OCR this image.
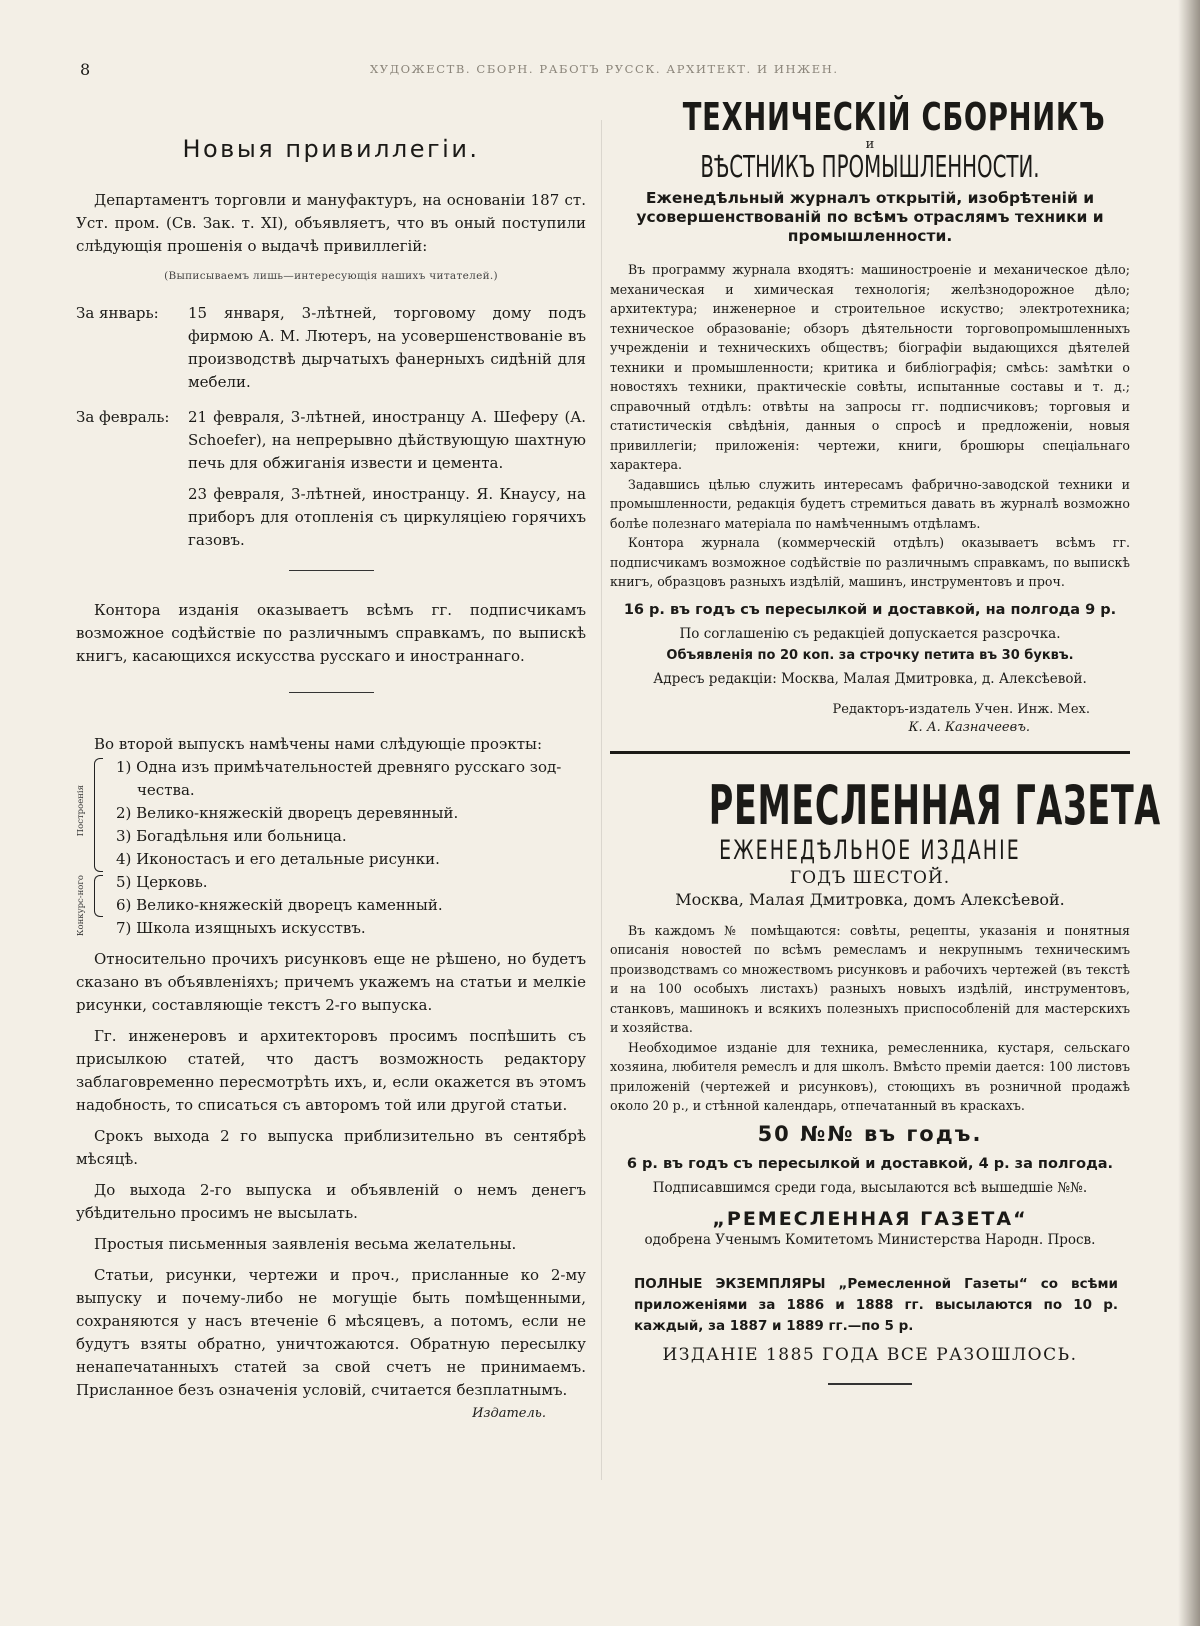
8	ХУДОЖЕСТВ. СБОРН. РАБОТЪ РУССК. АРХИТЕКТ. И ИНЖЕН.
Новыя привиллегіи.

Департаментъ торговли и мануфактуръ, на основаніи 187 ст. Уст. пром. (Св. Зак. т. XI), объявляетъ, что въ оный поступили слѣдующія прошенія о выдачѣ привиллегій:

(Выписываемъ лишь—интересующія нашихъ читателей.)
За январь:	15 января, 3-лѣтней, торговому дому подъ фирмою А. М. Лютеръ, на усовершенствованіе въ производствѣ дырчатыхъ фанерныхъ сидѣній для мебели.
За февраль:	21 февраля, 3-лѣтней, иностранцу А. Шеферу (A. Schoefer), на непрерывно дѣйствующую шахтную печь для обжиганія извести и цемента.
23 февраля, 3-лѣтней, иностранцу. Я. Кнаусу, на приборъ для отопленія съ циркуляціею горячихъ газовъ.

Контора изданія оказываетъ всѣмъ гг. подписчикамъ возможное содѣйствіе по различнымъ справкамъ, по выпискѣ книгъ, касающихся искусства русскаго и иностраннаго.

Во второй выпускъ намѣчены нами слѣдующіе проэкты:
Построенія
Конкурс-ного
1) Одна изъ примѣчательностей древняго русскаго зод-
чества.
2) Велико-княжескій дворецъ деревянный.
3) Богадѣльня или больница.
4) Иконостасъ и его детальные рисунки.
5) Церковь.
6) Велико-княжескій дворецъ каменный.
7) Школа изящныхъ искусствъ.

Относительно прочихъ рисунковъ еще не рѣшено, но будетъ сказано въ объявленіяхъ; причемъ укажемъ на статьи и мелкіе рисунки, составляющіе текстъ 2-го выпуска.

Гг. инженеровъ и архитекторовъ просимъ поспѣшить съ присылкою статей, что дастъ возможность редактору заблаговременно пересмотрѣть ихъ, и, если окажется въ этомъ надобность, то списаться съ авторомъ той или другой статьи.

Срокъ выхода 2 го выпуска приблизительно въ сентябрѣ мѣсяцѣ.

До выхода 2-го выпуска и объявленій о немъ денегъ убѣдительно просимъ не высылать.

Простыя письменныя заявленія весьма желательны.

Статьи, рисунки, чертежи и проч., присланные ко 2-му выпуску и почему-либо не могущіе быть помѣщенными, сохраняются у насъ втеченіе 6 мѣсяцевъ, а потомъ, если не будутъ взяты обратно, уничтожаются. Обратную пересылку ненапечатанныхъ статей за свой счетъ не принимаемъ. Присланное безъ означенія условій, считается безплатнымъ.

Издатель.
ТЕХНИЧЕСКІЙ СБОРНИКЪ
и
ВѢСТНИКЪ ПРОМЫШЛЕННОСТИ.
Еженедѣльный журналъ открытій, изобрѣтеній и усовершенствованій по всѣмъ отраслямъ техники и промышленности.

Въ программу журнала входятъ: машиностроеніе и механическое дѣло; механическая и химическая технологія; желѣзнодорожное дѣло; архитектура; инженерное и строительное искуство; электротехника; техническое образованіе; обзоръ дѣятельности торговопромышленныхъ учрежденіи и техническихъ обществъ; біографіи выдающихся дѣятелей техники и промышленности; критика и библіографія; смѣсь: замѣтки о новостяхъ техники, практическіе совѣты, испытанные составы и т. д.; справочный отдѣлъ: отвѣты на запросы гг. подписчиковъ; торговыя и статистическія свѣдѣнія, данныя о спросѣ и предложеніи, новыя привиллегіи; приложенія: чертежи, книги, брошюры спеціальнаго характера.

Задавшись цѣлью служить интересамъ фабрично-заводской техники и промышленности, редакція будетъ стремиться давать въ журналѣ возможно болѣе полезнаго матеріала по намѣченнымъ отдѣламъ.

Контора журнала (коммерческій отдѣлъ) оказываетъ всѣмъ гг. подписчикамъ возможное содѣйствіе по различнымъ справкамъ, по выпискѣ книгъ, образцовъ разныхъ издѣлій, машинъ, инструментовъ и проч.

16 р. въ годъ съ пересылкой и доставкой, на полгода 9 р.
По соглашенію съ редакціей допускается разсрочка.
Объявленія по 20 коп. за строчку петита въ 30 буквъ.
Адресъ редакціи: Москва, Малая Дмитровка, д. Алексѣевой.
Редакторъ-издатель Учен. Инж. Мех.
К. А. Казначеевъ.
РЕМЕСЛЕННАЯ ГАЗЕТА
ЕЖЕНЕДѢЛЬНОЕ ИЗДАНІЕ
ГОДЪ ШЕСТОЙ.
Москва, Малая Дмитровка, домъ Алексѣевой.

Въ каждомъ № помѣщаются: совѣты, рецепты, указанія и понятныя описанія новостей по всѣмъ ремесламъ и некрупнымъ техническимъ производствамъ со множествомъ рисунковъ и рабочихъ чертежей (въ текстѣ и на 100 особыхъ листахъ) разныхъ новыхъ издѣлій, инструментовъ, станковъ, машинокъ и всякихъ полезныхъ приспособленій для мастерскихъ и хозяйства.

Необходимое изданіе для техника, ремесленника, кустаря, сельскаго хозяина, любителя ремеслъ и для школъ. Вмѣсто преміи дается: 100 листовъ приложеній (чертежей и рисунковъ), стоющихъ въ розничной продажѣ около 20 р., и стѣнной календарь, отпечатанный въ краскахъ.

50 №№ въ годъ.
6 р. въ годъ съ пересылкой и доставкой, 4 р. за полгода.
Подписавшимся среди года, высылаются всѣ вышедшіе №№.
„РЕМЕСЛЕННАЯ ГАЗЕТА“
одобрена Ученымъ Комитетомъ Министерства Народн. Просв.
ПОЛНЫЕ ЭКЗЕМПЛЯРЫ „Ремесленной Газеты“ со всѣми приложеніями за 1886 и 1888 гг. высылаются по 10 р. каждый, за 1887 и 1889 гг.—по 5 р.
ИЗДАНІЕ 1885 ГОДА ВСЕ РАЗОШЛОСЬ.
